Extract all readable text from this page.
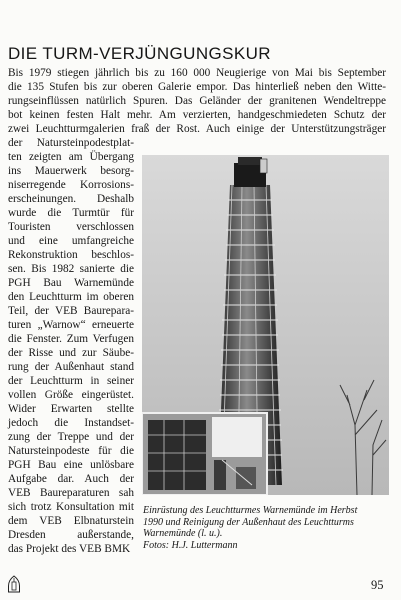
DIE TURM-VERJÜNGUNGSKUR
Bis 1979 stiegen jährlich bis zu 160 000 Neugierige von Mai bis September
die 135 Stufen bis zur oberen Galerie empor. Das hinterließ neben den Witte-
rungseinflüssen natürlich Spuren. Das Geländer der granitenen Wendeltreppe
bot keinen festen Halt mehr. Am verzierten, handgeschmiedeten Schutz der
zwei Leuchtturmgalerien fraß der Rost. Auch einige der Unterstützungsträger
der Natursteinpodestplat-
ten zeigten am Übergang
ins Mauerwerk besorg-
niserregende Korrosions-
erscheinungen. Deshalb
wurde die Turmtür für
Touristen verschlossen
und eine umfangreiche
Rekonstruktion beschlos-
sen. Bis 1982 sanierte die
PGH Bau Warnemünde
den Leuchtturm im oberen
Teil, der VEB Baurepara-
turen „Warnow“ erneuerte
die Fenster. Zum Verfugen
der Risse und zur Säube-
rung der Außenhaut stand
der Leuchtturm in seiner
vollen Größe eingerüstet.
Wider Erwarten stellte
jedoch die Instandset-
zung der Treppe und der
Natursteinpodeste für die
PGH Bau eine unlösbare
Aufgabe dar. Auch der
VEB Baureparaturen sah
sich trotz Konsultation mit
dem VEB Elbnaturstein
Dresden außerstande,
das Projekt des VEB BMK
Einrüstung des Leuchtturmes Warnemünde im Herbst
1990 und Reinigung der Außenhaut des Leuchtturms
Warnemünde (l. u.).
Fotos: H.J. Luttermann
95
